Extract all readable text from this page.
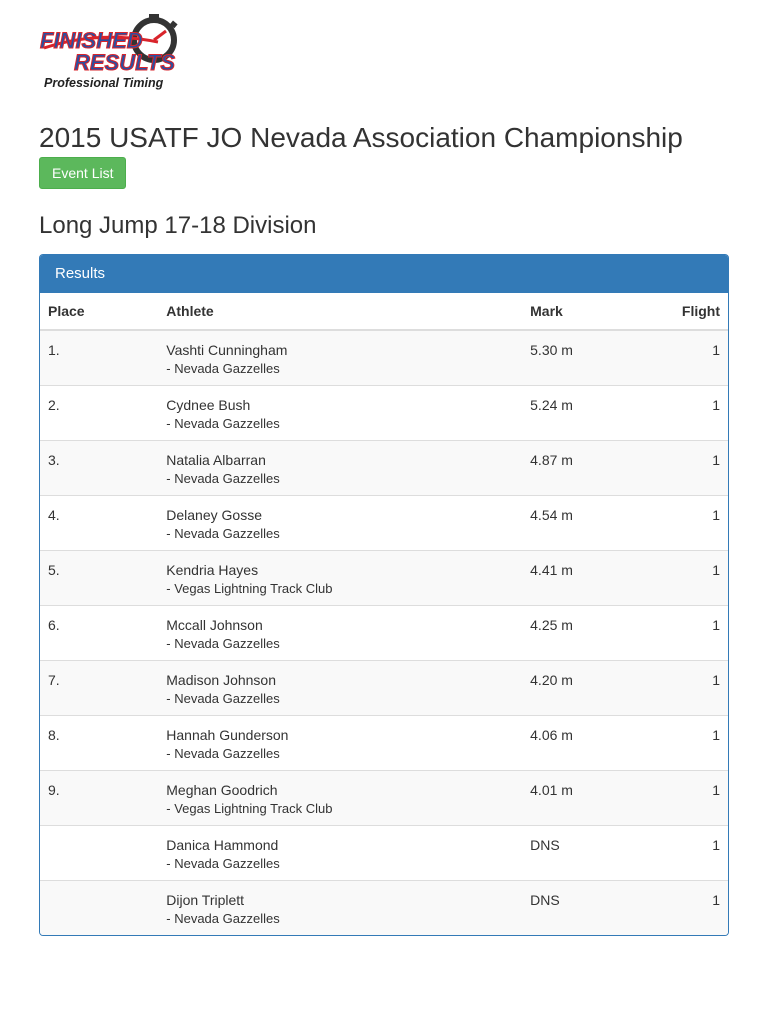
FINISHED
RESULTS
Professional Timing
2015 USATF JO Nevada Association Championship
Event List
Long Jump 17-18 Division
Results
Place	Athlete	Mark	Flight
1.	Vashti Cunningham
- Nevada Gazzelles	5.30 m	1
2.	Cydnee Bush
- Nevada Gazzelles	5.24 m	1
3.	Natalia Albarran
- Nevada Gazzelles	4.87 m	1
4.	Delaney Gosse
- Nevada Gazzelles	4.54 m	1
5.	Kendria Hayes
- Vegas Lightning Track Club	4.41 m	1
6.	Mccall Johnson
- Nevada Gazzelles	4.25 m	1
7.	Madison Johnson
- Nevada Gazzelles	4.20 m	1
8.	Hannah Gunderson
- Nevada Gazzelles	4.06 m	1
9.	Meghan Goodrich
- Vegas Lightning Track Club	4.01 m	1

	Danica Hammond
- Nevada Gazzelles	DNS	1

	Dijon Triplett
- Nevada Gazzelles	DNS	1
